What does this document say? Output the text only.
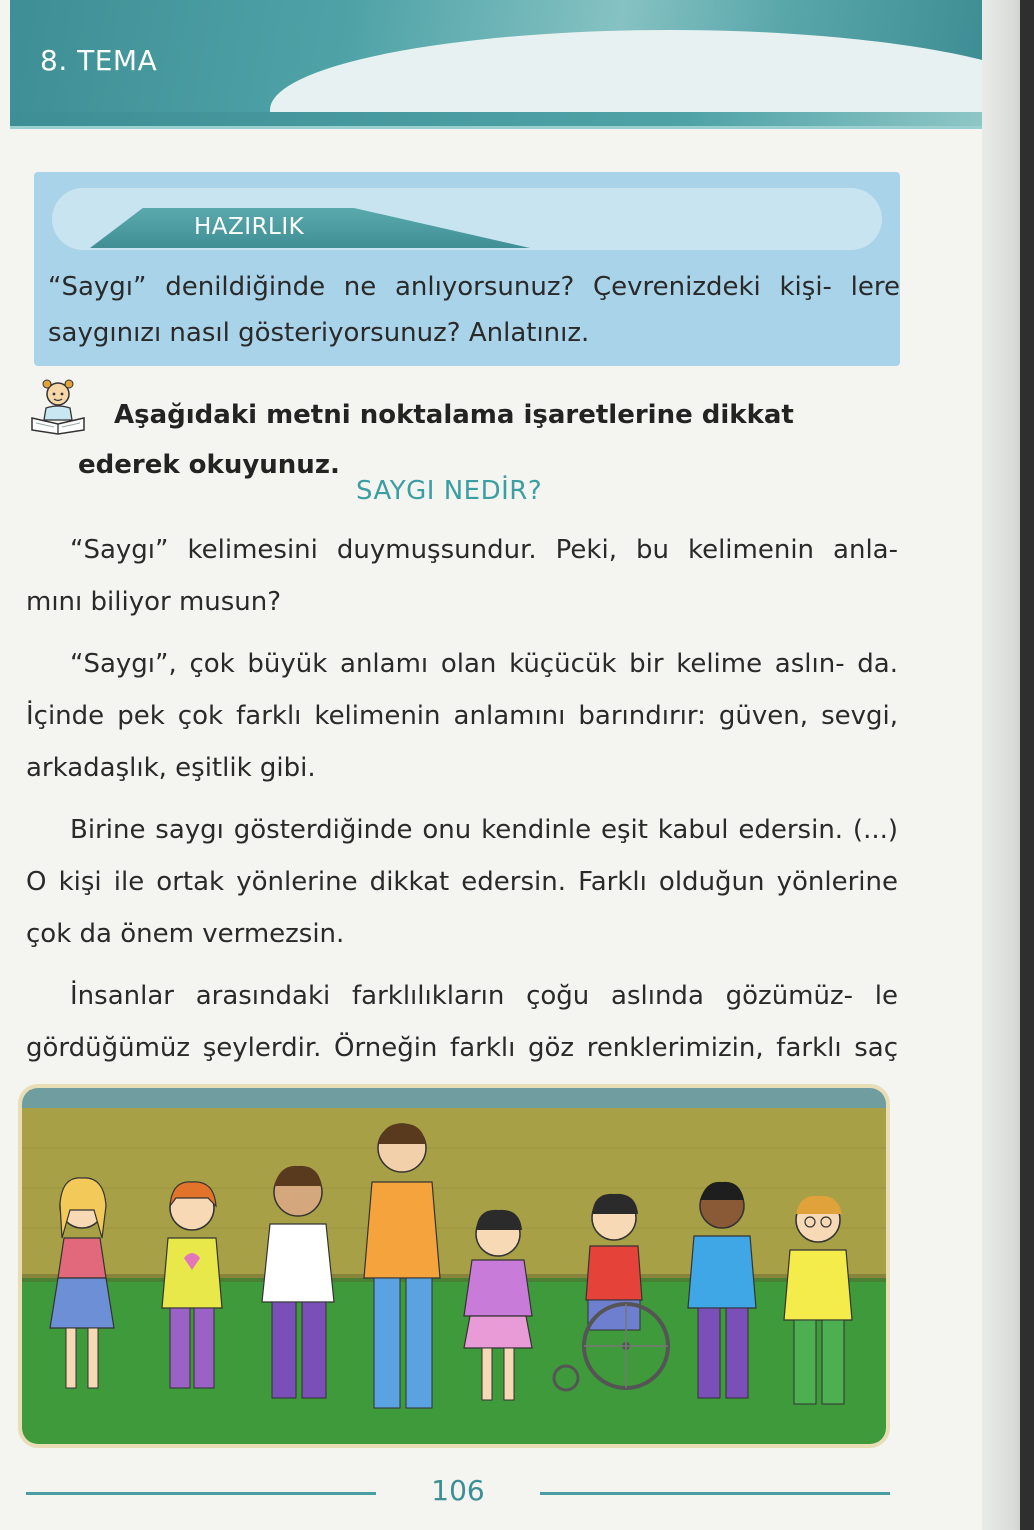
8. TEMA
HAZIRLIK

“Saygı” denildiğinde ne anlıyorsunuz? Çevrenizdeki kişi- lere saygınızı nasıl gösteriyorsunuz? Anlatınız.

Aşağıdaki metni noktalama işaretlerine dikkat ederek okuyunuz.

SAYGI NEDİR?

“Saygı” kelimesini duymuşsundur. Peki, bu kelimenin anla- mını biliyor musun?

“Saygı”, çok büyük anlamı olan küçücük bir kelime aslın- da. İçinde pek çok farklı kelimenin anlamını barındırır: güven, sevgi, arkadaşlık, eşitlik gibi.

Birine saygı gösterdiğinde onu kendinle eşit kabul edersin. (...) O kişi ile ortak yönlerine dikkat edersin. Farklı olduğun yönlerine çok da önem vermezsin.

İnsanlar arasındaki farklılıkların çoğu aslında gözümüz- le gördüğümüz şeylerdir. Örneğin farklı göz renklerimizin, farklı saç

106
